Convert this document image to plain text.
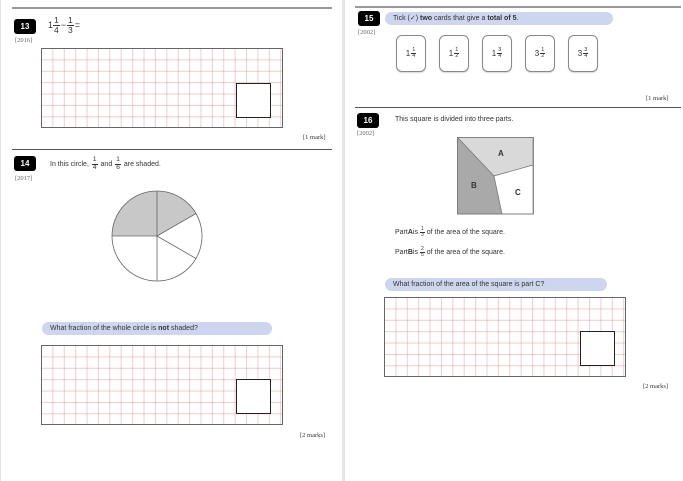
13
[2016]
$1 \frac{1}{4} - \frac{1}{3}$ =
[1 mark]
14
[2017]
In this circle, $\frac{1}{4}$ and $\frac{1}{6}$ are shaded.
What fraction of the whole circle is not shaded?
[2 marks]
15
[2002]
Tick (✓) two cards that give a total of 5.
$1 \frac{1}{4}$	$1 \frac{1}{2}$	$1 \frac{3}{4}$	$3 \frac{1}{2}$	$3 \frac{3}{4}$
[1 mark]
16
[2002]
This square is divided into three parts.
A
B
C
Part A is $\frac{1}{3}$ of the area of the square.
Part B is $\frac{2}{5}$ of the area of the square.
What fraction of the area of the square is part C?
[2 marks]
